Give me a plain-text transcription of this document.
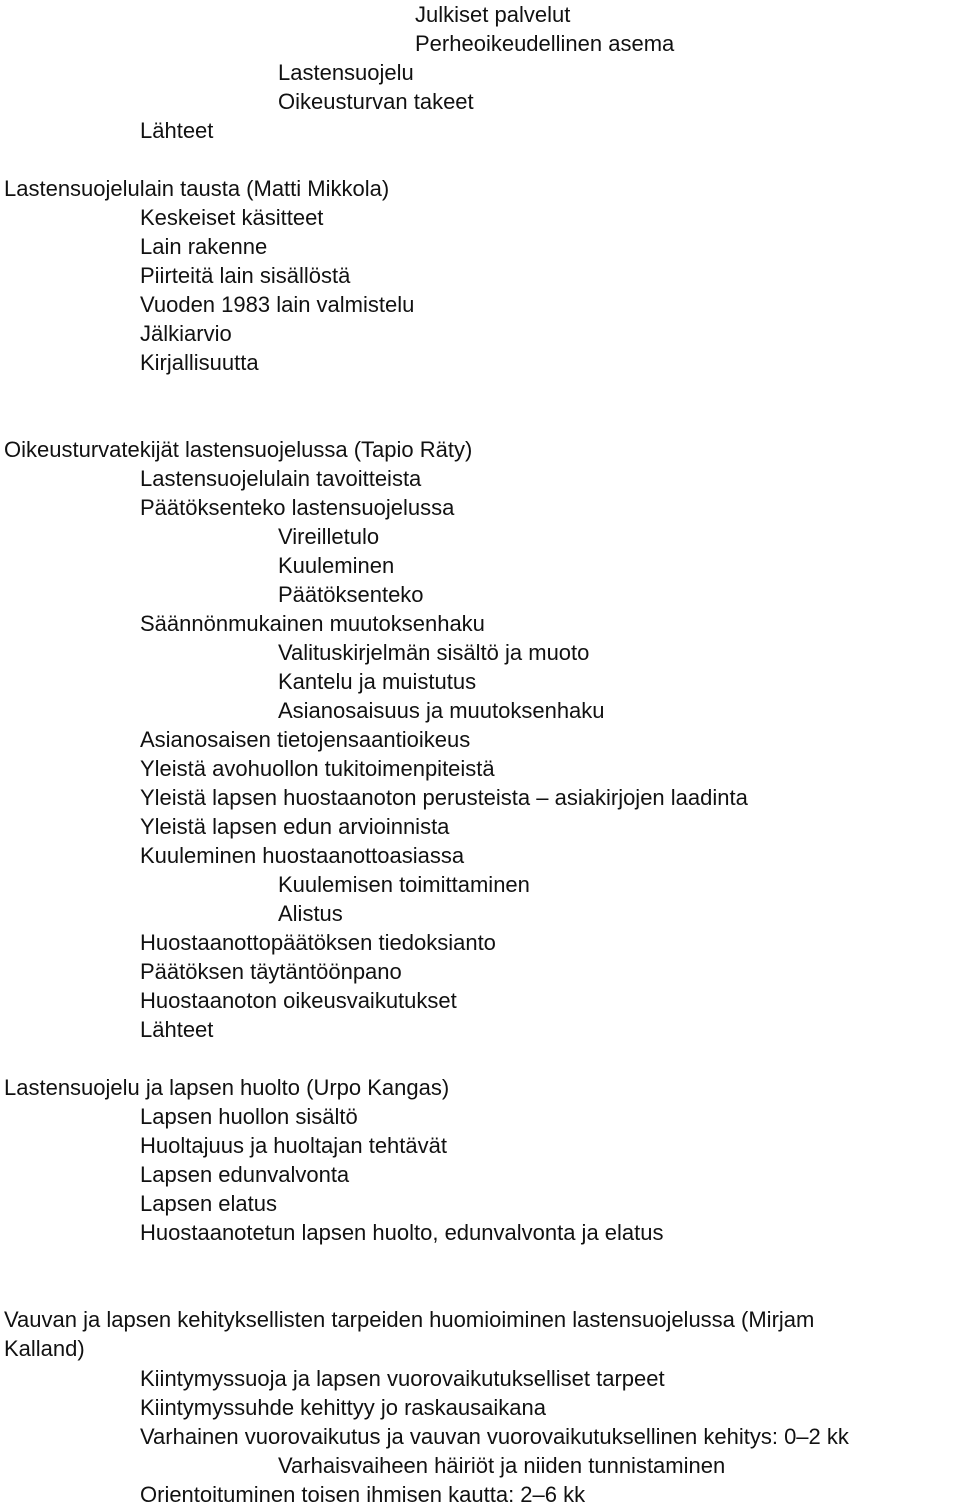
Julkiset palvelut
Perheoikeudellinen asema
Lastensuojelu
Oikeusturvan takeet
Lähteet
Lastensuojelulain tausta (Matti Mikkola)
Keskeiset käsitteet
Lain rakenne
Piirteitä lain sisällöstä
Vuoden 1983 lain valmistelu
Jälkiarvio
Kirjallisuutta
Oikeusturvatekijät lastensuojelussa (Tapio Räty)
Lastensuojelulain tavoitteista
Päätöksenteko lastensuojelussa
Vireilletulo
Kuuleminen
Päätöksenteko
Säännönmukainen muutoksenhaku
Valituskirjelmän sisältö ja muoto
Kantelu ja muistutus
Asianosaisuus ja muutoksenhaku
Asianosaisen tietojensaantioikeus
Yleistä avohuollon tukitoimenpiteistä
Yleistä lapsen huostaanoton perusteista – asiakirjojen laadinta
Yleistä lapsen edun arvioinnista
Kuuleminen huostaanottoasiassa
Kuulemisen toimittaminen
Alistus
Huostaanottopäätöksen tiedoksianto
Päätöksen täytäntöönpano
Huostaanoton oikeusvaikutukset
Lähteet
Lastensuojelu ja lapsen huolto (Urpo Kangas)
Lapsen huollon sisältö
Huoltajuus ja huoltajan tehtävät
Lapsen edunvalvonta
Lapsen elatus
Huostaanotetun lapsen huolto, edunvalvonta ja elatus
Vauvan ja lapsen kehityksellisten tarpeiden huomioiminen lastensuojelussa (Mirjam
Kalland)
Kiintymyssuoja ja lapsen vuorovaikutukselliset tarpeet
Kiintymyssuhde kehittyy jo raskausaikana
Varhainen vuorovaikutus ja vauvan vuorovaikutuksellinen kehitys: 0–2 kk
Varhaisvaiheen häiriöt ja niiden tunnistaminen
Orientoituminen toisen ihmisen kautta: 2–6 kk
